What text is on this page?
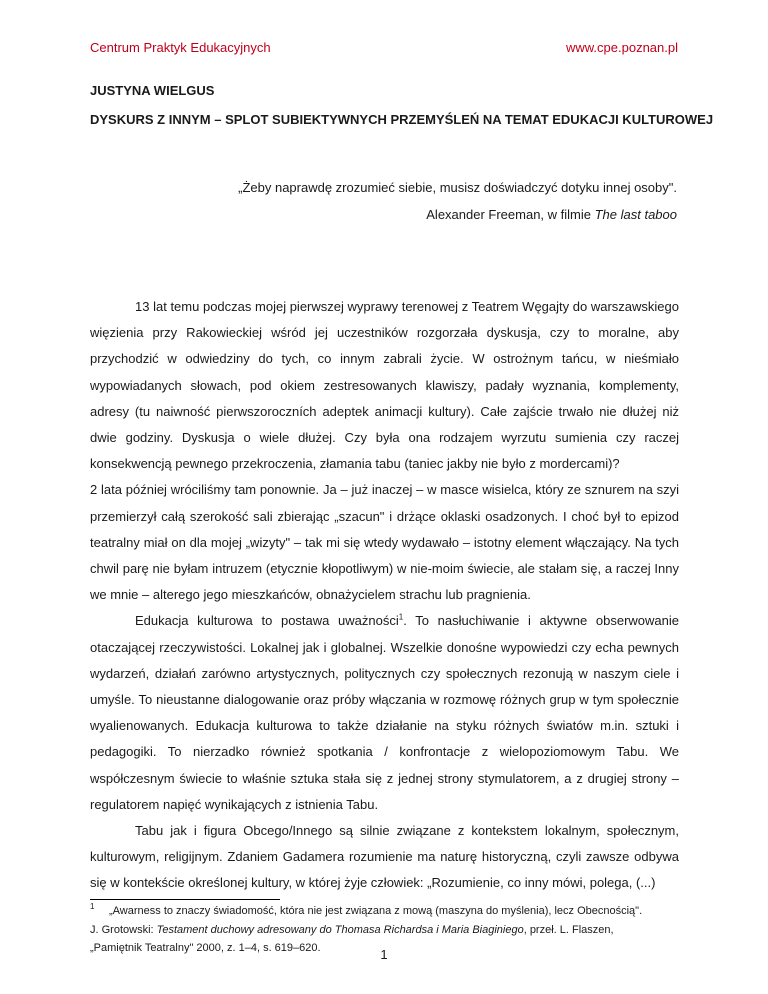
Centrum Praktyk Edukacyjnych	www.cpe.poznan.pl
JUSTYNA WIELGUS
DYSKURS Z INNYM – SPLOT SUBIEKTYWNYCH PRZEMYŚLEŃ NA TEMAT EDUKACJI KULTUROWEJ
„Żeby naprawdę zrozumieć siebie, musisz doświadczyć dotyku innej osoby".
Alexander Freeman, w filmie The last taboo

13 lat temu podczas mojej pierwszej wyprawy terenowej z Teatrem Węgajty do warszawskiego więzienia przy Rakowieckiej wśród jej uczestników rozgorzała dyskusja, czy to moralne, aby przychodzić w odwiedziny do tych, co innym zabrali życie. W ostrożnym tańcu, w nieśmiało wypowiadanych słowach, pod okiem zestresowanych klawiszy, padały wyznania, komplementy, adresy (tu naiwność pierwszoroczních adeptek animacji kultury). Całe zajście trwało nie dłużej niż dwie godziny. Dyskusja o wiele dłużej. Czy była ona rodzajem wyrzutu sumienia czy raczej konsekwencją pewnego przekroczenia, złamania tabu (taniec jakby nie było z mordercami)?

2 lata później wróciliśmy tam ponownie. Ja – już inaczej – w masce wisielca, który ze sznurem na szyi przemierzył całą szerokość sali zbierając „szacun" i drżące oklaski osadzonych. I choć był to epizod teatralny miał on dla mojej „wizyty" – tak mi się wtedy wydawało – istotny element włączający. Na tych chwil parę nie byłam intruzem (etycznie kłopotliwym) w nie-moim świecie, ale stałam się, a raczej Inny we mnie – alterego jego mieszkańców, obnażycielem strachu lub pragnienia.

Edukacja kulturowa to postawa uważności$^1$. To nasłuchiwanie i aktywne obserwowanie otaczającej rzeczywistości. Lokalnej jak i globalnej. Wszelkie donośne wypowiedzi czy echa pewnych wydarzeń, działań zarówno artystycznych, politycznych czy społecznych rezonują w naszym ciele i umyśle. To nieustanne dialogowanie oraz próby włączania w rozmowę różnych grup w tym społecznie wyalienowanych. Edukacja kulturowa to także działanie na styku różnych światów m.in. sztuki i pedagogiki. To nierzadko również spotkania / konfrontacje z wielopoziomowym Tabu. We współczesnym świecie to właśnie sztuka stała się z jednej strony stymulatorem, a z drugiej strony – regulatorem napięć wynikających z istnienia Tabu.

Tabu jak i figura Obcego/Innego są silnie związane z kontekstem lokalnym, społecznym, kulturowym, religijnym. Zdaniem Gadamera rozumienie ma naturę historyczną, czyli zawsze odbywa się w kontekście określonej kultury, w której żyje człowiek: „Rozumienie, co inny mówi, polega, (...)

1 „Awarness to znaczy świadomość, która nie jest związana z mową (maszyna do myślenia), lecz Obecnością".

J. Grotowski: Testament duchowy adresowany do Thomasa Richardsa i Maria Biaginiego, przeł. L. Flaszen,

„Pamiętnik Teatralny" 2000, z. 1–4, s. 619–620.	1
